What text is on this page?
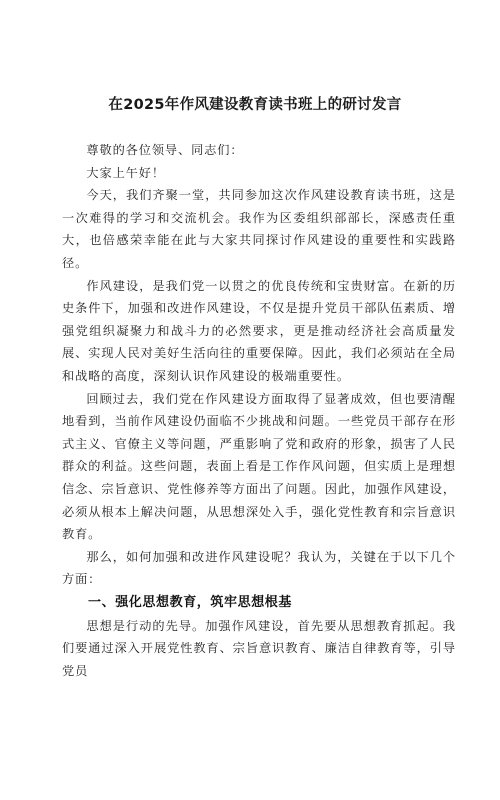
在2025年作风建设教育读书班上的研讨发言

尊敬的各位领导、同志们：

大家上午好！

今天，我们齐聚一堂，共同参加这次作风建设教育读书班，这是一次难得的学习和交流机会。我作为区委组织部部长，深感责任重大，也倍感荣幸能在此与大家共同探讨作风建设的重要性和实践路径。

作风建设，是我们党一以贯之的优良传统和宝贵财富。在新的历史条件下，加强和改进作风建设，不仅是提升党员干部队伍素质、增强党组织凝聚力和战斗力的必然要求，更是推动经济社会高质量发展、实现人民对美好生活向往的重要保障。因此，我们必须站在全局和战略的高度，深刻认识作风建设的极端重要性。

回顾过去，我们党在作风建设方面取得了显著成效，但也要清醒地看到，当前作风建设仍面临不少挑战和问题。一些党员干部存在形式主义、官僚主义等问题，严重影响了党和政府的形象，损害了人民群众的利益。这些问题，表面上看是工作作风问题，但实质上是理想信念、宗旨意识、党性修养等方面出了问题。因此，加强作风建设，必须从根本上解决问题，从思想深处入手，强化党性教育和宗旨意识教育。

那么，如何加强和改进作风建设呢？我认为，关键在于以下几个方面：

一、强化思想教育，筑牢思想根基

思想是行动的先导。加强作风建设，首先要从思想教育抓起。我们要通过深入开展党性教育、宗旨意识教育、廉洁自律教育等，引导党员
